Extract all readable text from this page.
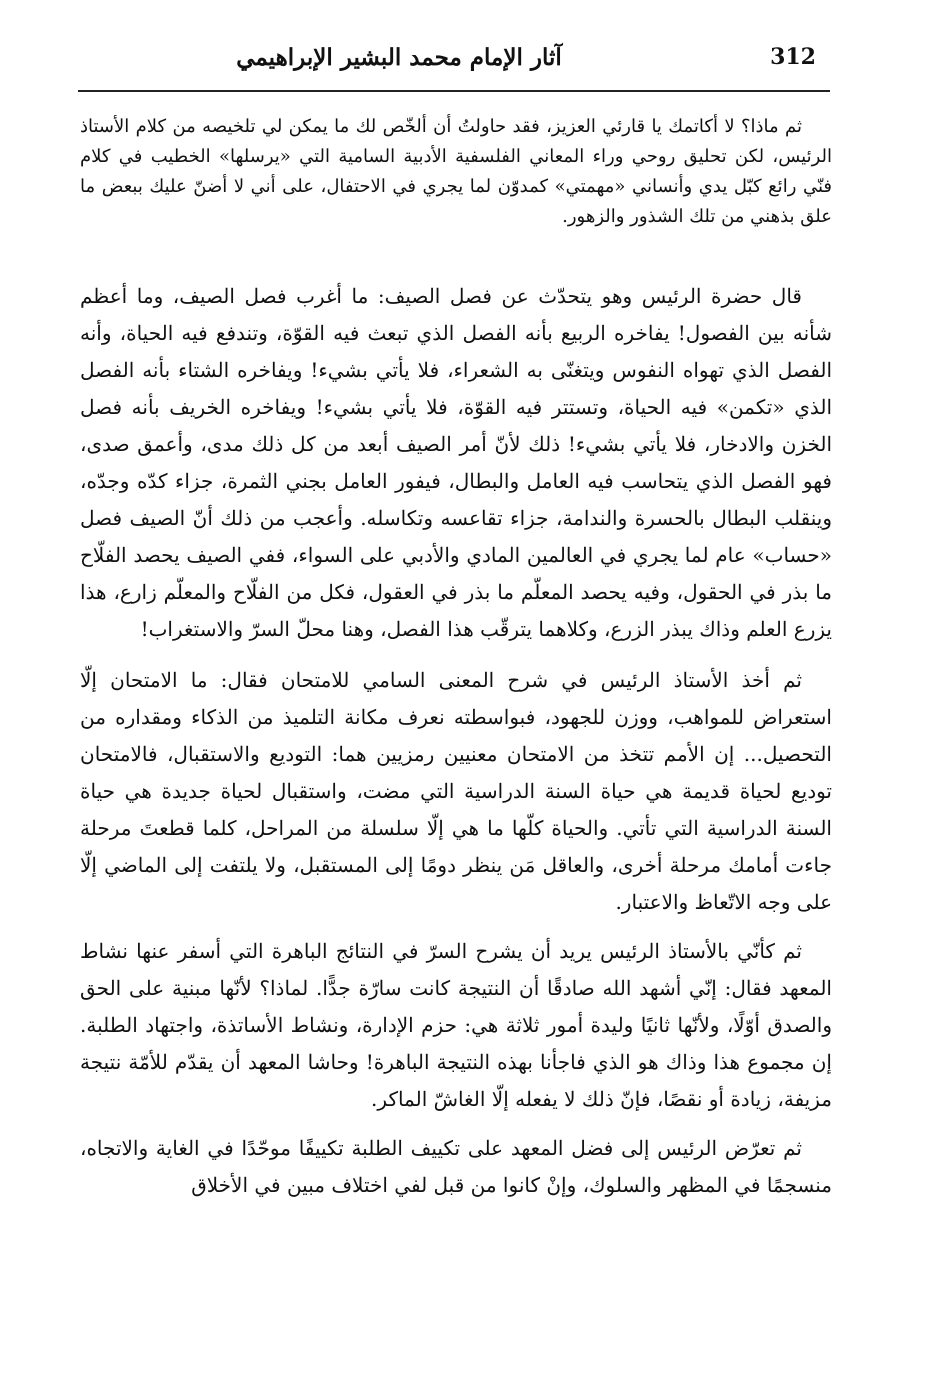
312
آثار الإمام محمد البشير الإبراهيمي

ثم ماذا؟ لا أكاتمك يا قارئي العزيز، فقد حاولتُ أن ألخّص لك ما يمكن لي تلخيصه من كلام الأستاذ الرئيس، لكن تحليق روحي وراء المعاني الفلسفية الأدبية السامية التي «يرسلها» الخطيب في كلام فنّي رائع كبّل يدي وأنساني «مهمتي» كمدوّن لما يجري في الاحتفال، على أني لا أضنّ عليك ببعض ما علق بذهني من تلك الشذور والزهور.

قال حضرة الرئيس وهو يتحدّث عن فصل الصيف: ما أغرب فصل الصيف، وما أعظم شأنه بين الفصول! يفاخره الربيع بأنه الفصل الذي تبعث فيه القوّة، وتندفع فيه الحياة، وأنه الفصل الذي تهواه النفوس ويتغنّى به الشعراء، فلا يأتي بشيء! ويفاخره الشتاء بأنه الفصل الذي «تكمن» فيه الحياة، وتستتر فيه القوّة، فلا يأتي بشيء! ويفاخره الخريف بأنه فصل الخزن والادخار، فلا يأتي بشيء! ذلك لأنّ أمر الصيف أبعد من كل ذلك مدى، وأعمق صدى، فهو الفصل الذي يتحاسب فيه العامل والبطال، فيفور العامل بجني الثمرة، جزاء كدّه وجدّه، وينقلب البطال بالحسرة والندامة، جزاء تقاعسه وتكاسله. وأعجب من ذلك أنّ الصيف فصل «حساب» عام لما يجري في العالمين المادي والأدبي على السواء، ففي الصيف يحصد الفلّاح ما بذر في الحقول، وفيه يحصد المعلّم ما بذر في العقول، فكل من الفلّاح والمعلّم زارع، هذا يزرع العلم وذاك يبذر الزرع، وكلاهما يترقّب هذا الفصل، وهنا محلّ السرّ والاستغراب!

ثم أخذ الأستاذ الرئيس في شرح المعنى السامي للامتحان فقال: ما الامتحان إلّا استعراض للمواهب، ووزن للجهود، فبواسطته نعرف مكانة التلميذ من الذكاء ومقداره من التحصيل... إن الأمم تتخذ من الامتحان معنيين رمزيين هما: التوديع والاستقبال، فالامتحان توديع لحياة قديمة هي حياة السنة الدراسية التي مضت، واستقبال لحياة جديدة هي حياة السنة الدراسية التي تأتي. والحياة كلّها ما هي إلّا سلسلة من المراحل، كلما قطعتَ مرحلة جاءت أمامك مرحلة أخرى، والعاقل مَن ينظر دومًا إلى المستقبل، ولا يلتفت إلى الماضي إلّا على وجه الاتّعاظ والاعتبار.

ثم كأنّي بالأستاذ الرئيس يريد أن يشرح السرّ في النتائج الباهرة التي أسفر عنها نشاط المعهد فقال: إنّي أشهد الله صادقًا أن النتيجة كانت سارّة جدًّا. لماذا؟ لأنّها مبنية على الحق والصدق أوّلًا، ولأنّها ثانيًا وليدة أمور ثلاثة هي: حزم الإدارة، ونشاط الأساتذة، واجتهاد الطلبة. إن مجموع هذا وذاك هو الذي فاجأنا بهذه النتيجة الباهرة! وحاشا المعهد أن يقدّم للأمّة نتيجة مزيفة، زيادة أو نقصًا، فإنّ ذلك لا يفعله إلّا الغاشّ الماكر.

ثم تعرّض الرئيس إلى فضل المعهد على تكييف الطلبة تكييفًا موحّدًا في الغاية والاتجاه، منسجمًا في المظهر والسلوك، وإنْ كانوا من قبل لفي اختلاف مبين في الأخلاق
